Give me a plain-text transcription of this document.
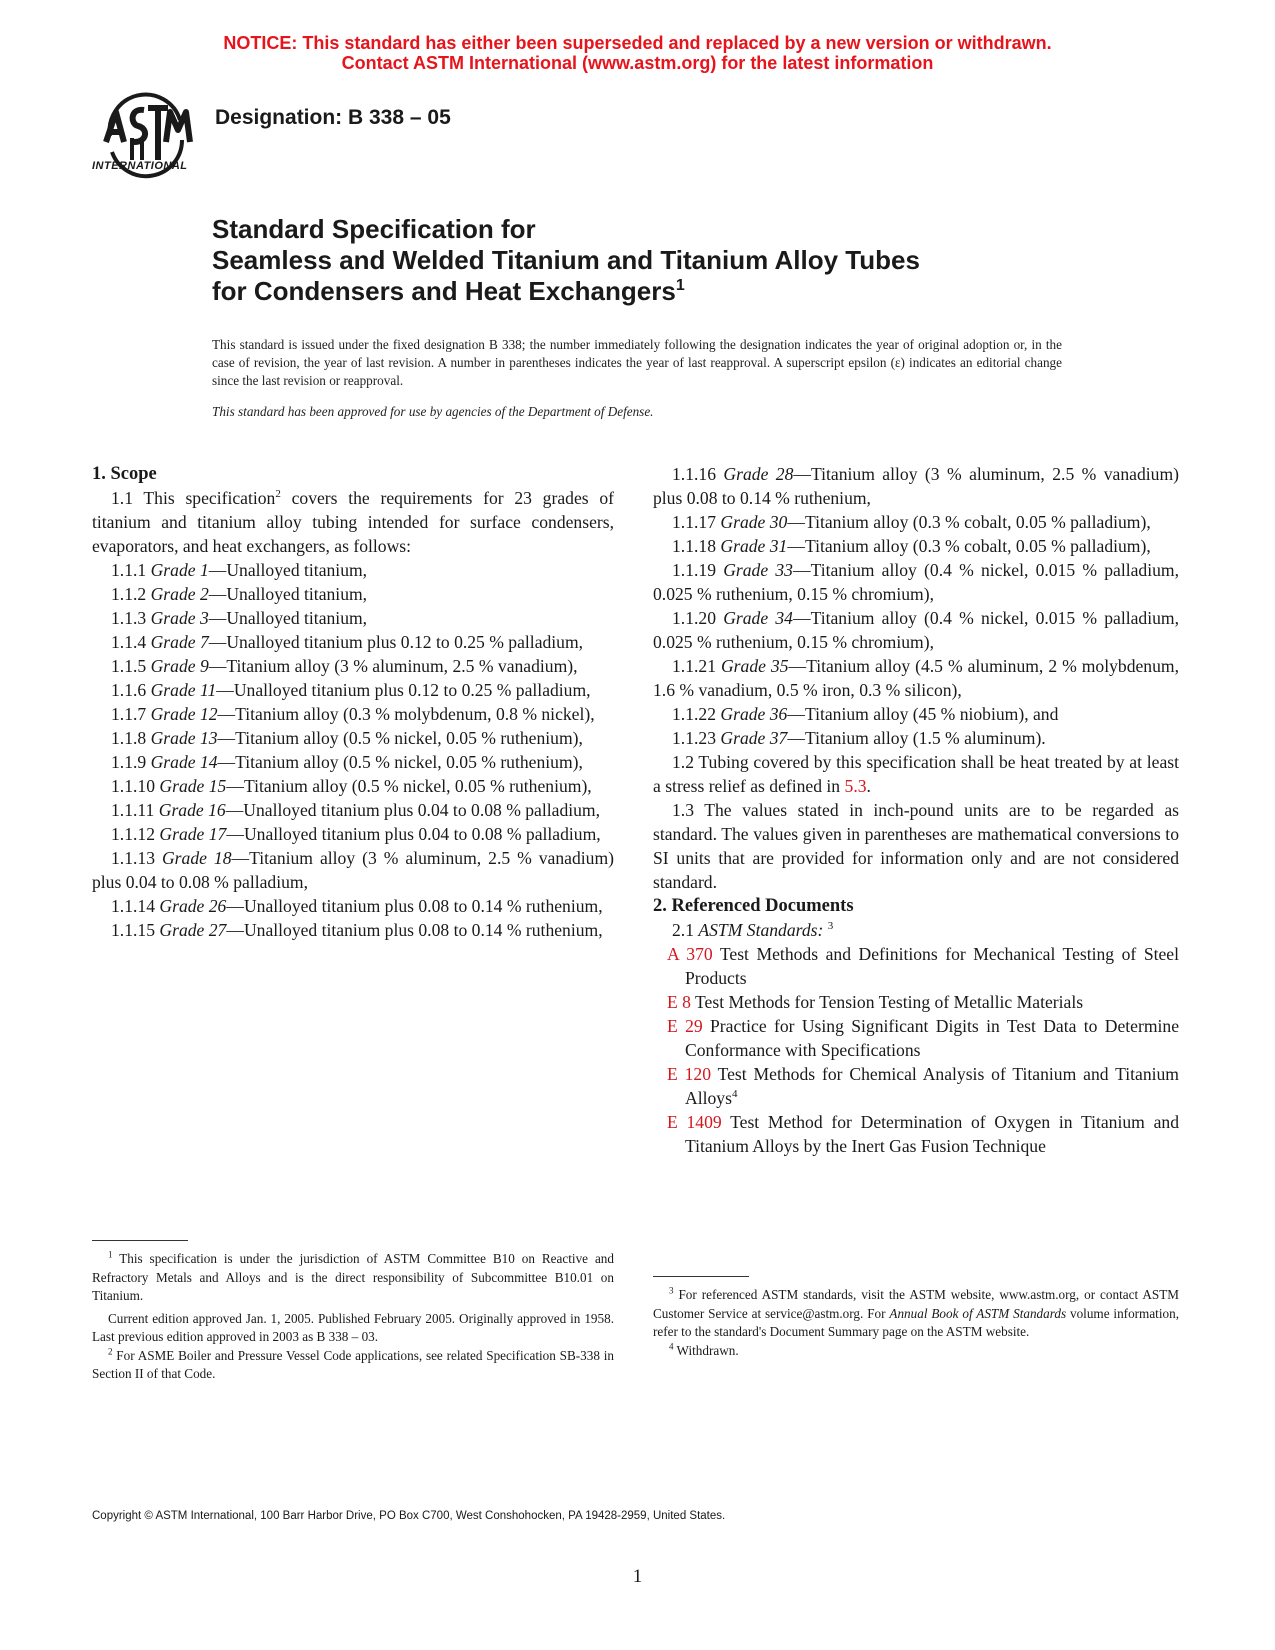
NOTICE: This standard has either been superseded and replaced by a new version or withdrawn.
Contact ASTM International (www.astm.org) for the latest information
INTERNATIONAL
Designation: B 338 – 05
Standard Specification for
Seamless and Welded Titanium and Titanium Alloy Tubes
for Condensers and Heat Exchangers$^1$
This standard is issued under the fixed designation B 338; the number immediately following the designation indicates the year of original adoption or, in the case of revision, the year of last revision. A number in parentheses indicates the year of last reapproval. A superscript epsilon (ε) indicates an editorial change since the last revision or reapproval.
This standard has been approved for use by agencies of the Department of Defense.

1. Scope

1.1 This specification$^2$ covers the requirements for 23 grades of titanium and titanium alloy tubing intended for surface condensers, evaporators, and heat exchangers, as follows:

1.1.1 Grade 1—Unalloyed titanium,

1.1.2 Grade 2—Unalloyed titanium,

1.1.3 Grade 3—Unalloyed titanium,

1.1.4 Grade 7—Unalloyed titanium plus 0.12 to 0.25 % palladium,

1.1.5 Grade 9—Titanium alloy (3 % aluminum, 2.5 % vanadium),

1.1.6 Grade 11—Unalloyed titanium plus 0.12 to 0.25 % palladium,

1.1.7 Grade 12—Titanium alloy (0.3 % molybdenum, 0.8 % nickel),

1.1.8 Grade 13—Titanium alloy (0.5 % nickel, 0.05 % ruthenium),

1.1.9 Grade 14—Titanium alloy (0.5 % nickel, 0.05 % ruthenium),

1.1.10 Grade 15—Titanium alloy (0.5 % nickel, 0.05 % ruthenium),

1.1.11 Grade 16—Unalloyed titanium plus 0.04 to 0.08 % palladium,

1.1.12 Grade 17—Unalloyed titanium plus 0.04 to 0.08 % palladium,

1.1.13 Grade 18—Titanium alloy (3 % aluminum, 2.5 % vanadium) plus 0.04 to 0.08 % palladium,

1.1.14 Grade 26—Unalloyed titanium plus 0.08 to 0.14 % ruthenium,

1.1.15 Grade 27—Unalloyed titanium plus 0.08 to 0.14 % ruthenium,

1.1.16 Grade 28—Titanium alloy (3 % aluminum, 2.5 % vanadium) plus 0.08 to 0.14 % ruthenium,

1.1.17 Grade 30—Titanium alloy (0.3 % cobalt, 0.05 % palladium),

1.1.18 Grade 31—Titanium alloy (0.3 % cobalt, 0.05 % palladium),

1.1.19 Grade 33—Titanium alloy (0.4 % nickel, 0.015 % palladium, 0.025 % ruthenium, 0.15 % chromium),

1.1.20 Grade 34—Titanium alloy (0.4 % nickel, 0.015 % palladium, 0.025 % ruthenium, 0.15 % chromium),

1.1.21 Grade 35—Titanium alloy (4.5 % aluminum, 2 % molybdenum, 1.6 % vanadium, 0.5 % iron, 0.3 % silicon),

1.1.22 Grade 36—Titanium alloy (45 % niobium), and

1.1.23 Grade 37—Titanium alloy (1.5 % aluminum).

1.2 Tubing covered by this specification shall be heat treated by at least a stress relief as defined in 5.3.

1.3 The values stated in inch-pound units are to be regarded as standard. The values given in parentheses are mathematical conversions to SI units that are provided for information only and are not considered standard.

2. Referenced Documents

2.1 ASTM Standards: $^3$

A 370 Test Methods and Definitions for Mechanical Testing of Steel Products

E 8 Test Methods for Tension Testing of Metallic Materials

E 29 Practice for Using Significant Digits in Test Data to Determine Conformance with Specifications

E 120 Test Methods for Chemical Analysis of Titanium and Titanium Alloys$^4$

E 1409 Test Method for Determination of Oxygen in Titanium and Titanium Alloys by the Inert Gas Fusion Technique

$^1$ This specification is under the jurisdiction of ASTM Committee B10 on Reactive and Refractory Metals and Alloys and is the direct responsibility of Subcommittee B10.01 on Titanium.

Current edition approved Jan. 1, 2005. Published February 2005. Originally approved in 1958. Last previous edition approved in 2003 as B 338 – 03.

$^2$ For ASME Boiler and Pressure Vessel Code applications, see related Specification SB-338 in Section II of that Code.

$^3$ For referenced ASTM standards, visit the ASTM website, www.astm.org, or contact ASTM Customer Service at service@astm.org. For Annual Book of ASTM Standards volume information, refer to the standard's Document Summary page on the ASTM website.

$^4$ Withdrawn.

Copyright © ASTM International, 100 Barr Harbor Drive, PO Box C700, West Conshohocken, PA 19428-2959, United States.
1
